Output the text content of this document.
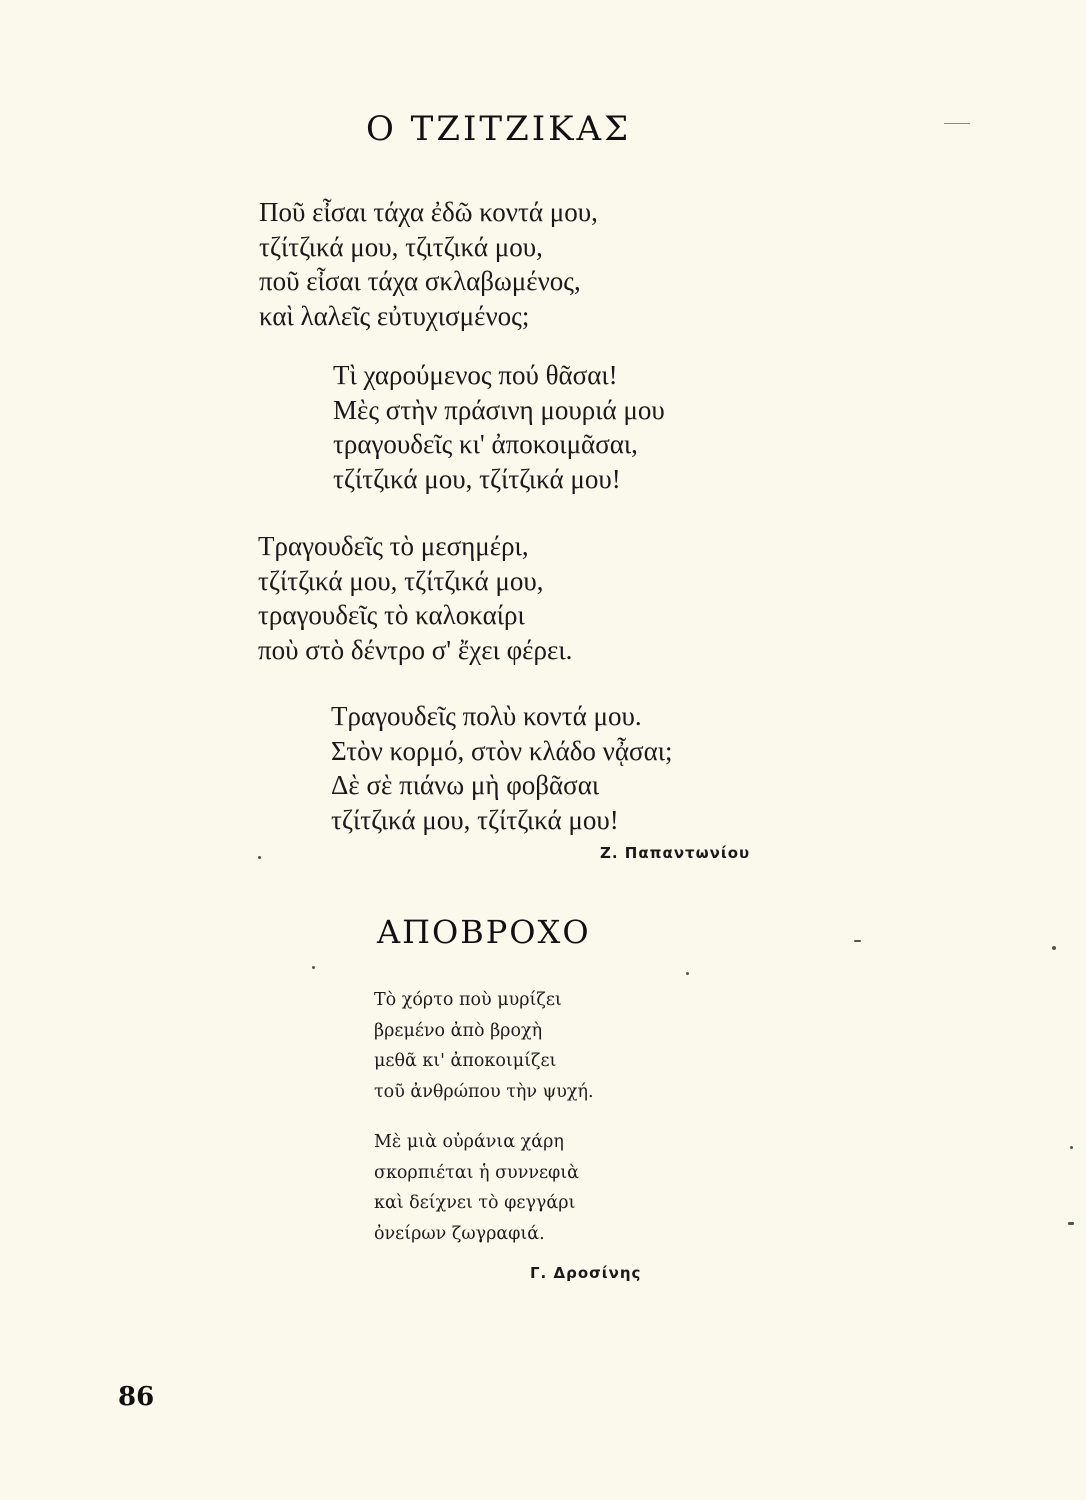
Ο ΤΖΙΤΖΙΚΑΣ
Ποῦ εἶσαι τάχα ἐδῶ κοντά μου,
τζίτζικά μου, τζιτζικά μου,
ποῦ εἶσαι τάχα σκλαβωμένος,
καὶ λαλεῖς εὐτυχισμένος;
Τὶ χαρούμενος πού θᾶσαι!
Μὲς στὴν πράσινη μουριά μου
τραγουδεῖς κι' ἀποκοιμᾶσαι,
τζίτζικά μου, τζίτζικά μου!
Τραγουδεῖς τὸ μεσημέρι,
τζίτζικά μου, τζίτζικά μου,
τραγουδεῖς τὸ καλοκαίρι
ποὺ στὸ δέντρο σ' ἔχει φέρει.
Τραγουδεῖς πολὺ κοντά μου.
Στὸν κορμό, στὸν κλάδο νᾆσαι;
Δὲ σὲ πιάνω μὴ φοβᾶσαι
τζίτζικά μου, τζίτζικά μου!
Ζ. Παπαντωνίου
ΑΠΟΒΡΟΧΟ
Τὸ χόρτο ποὺ μυρίζει
βρεμένο ἀπὸ βροχὴ
μεθᾶ κι' ἀποκοιμίζει
τοῦ ἀνθρώπου τὴν ψυχή.
Μὲ μιὰ οὐράνια χάρη
σκορπιέται ἡ συννεφιὰ
καὶ δείχνει τὸ φεγγάρι
ὀνείρων ζωγραφιά.
Γ. Δροσίνης
86
